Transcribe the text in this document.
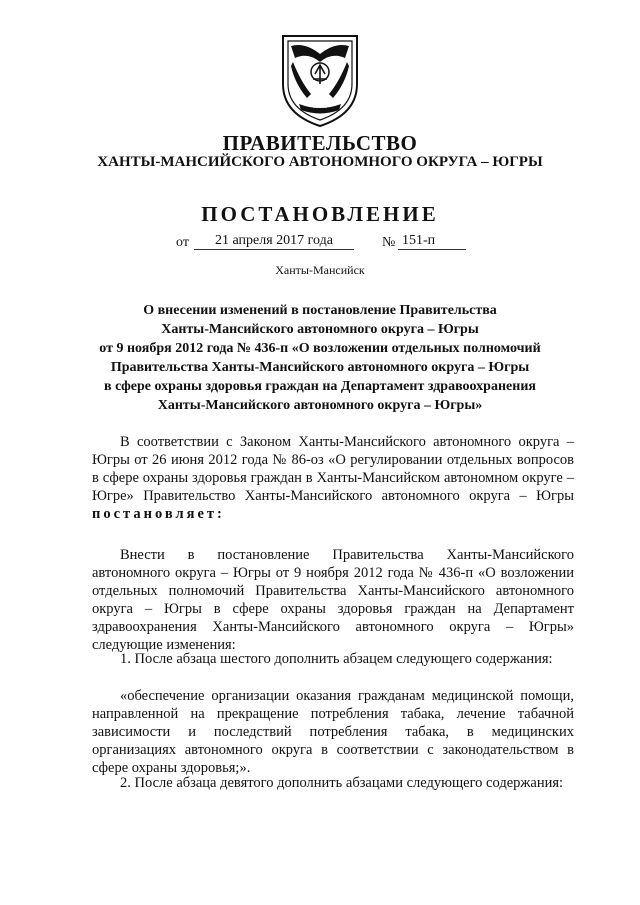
ЮГРА
ПРАВИТЕЛЬСТВО
ХАНТЫ-МАНСИЙСКОГО АВТОНОМНОГО ОКРУГА – ЮГРЫ
ПОСТАНОВЛЕНИЕ
от	21 апреля 2017 года	№ 151-п
Ханты-Мансийск
О внесении изменений в постановление Правительства
Ханты-Мансийского автономного округа – Югры
от 9 ноября 2012 года № 436-п «О возложении отдельных полномочий
Правительства Ханты-Мансийского автономного округа – Югры
в сфере охраны здоровья граждан на Департамент здравоохранения
Ханты-Мансийского автономного округа – Югры»
В соответствии с Законом Ханты-Мансийского автономного округа – Югры от 26 июня 2012 года № 86-оз «О регулировании отдельных вопросов в сфере охраны здоровья граждан в Ханты-Мансийском автономном округе – Югре» Правительство Ханты-Мансийского автономного округа – Югры постановляет:
Внести в постановление Правительства Ханты-Мансийского автономного округа – Югры от 9 ноября 2012 года № 436-п «О возложении отдельных полномочий Правительства Ханты-Мансийского автономного округа – Югры в сфере охраны здоровья граждан на Департамент здравоохранения Ханты-Мансийского автономного округа – Югры» следующие изменения:
1. После абзаца шестого дополнить абзацем следующего содержания:
«обеспечение организации оказания гражданам медицинской помощи, направленной на прекращение потребления табака, лечение табачной зависимости и последствий потребления табака, в медицинских организациях автономного округа в соответствии с законодательством в сфере охраны здоровья;».
2. После абзаца девятого дополнить абзацами следующего содержания:
